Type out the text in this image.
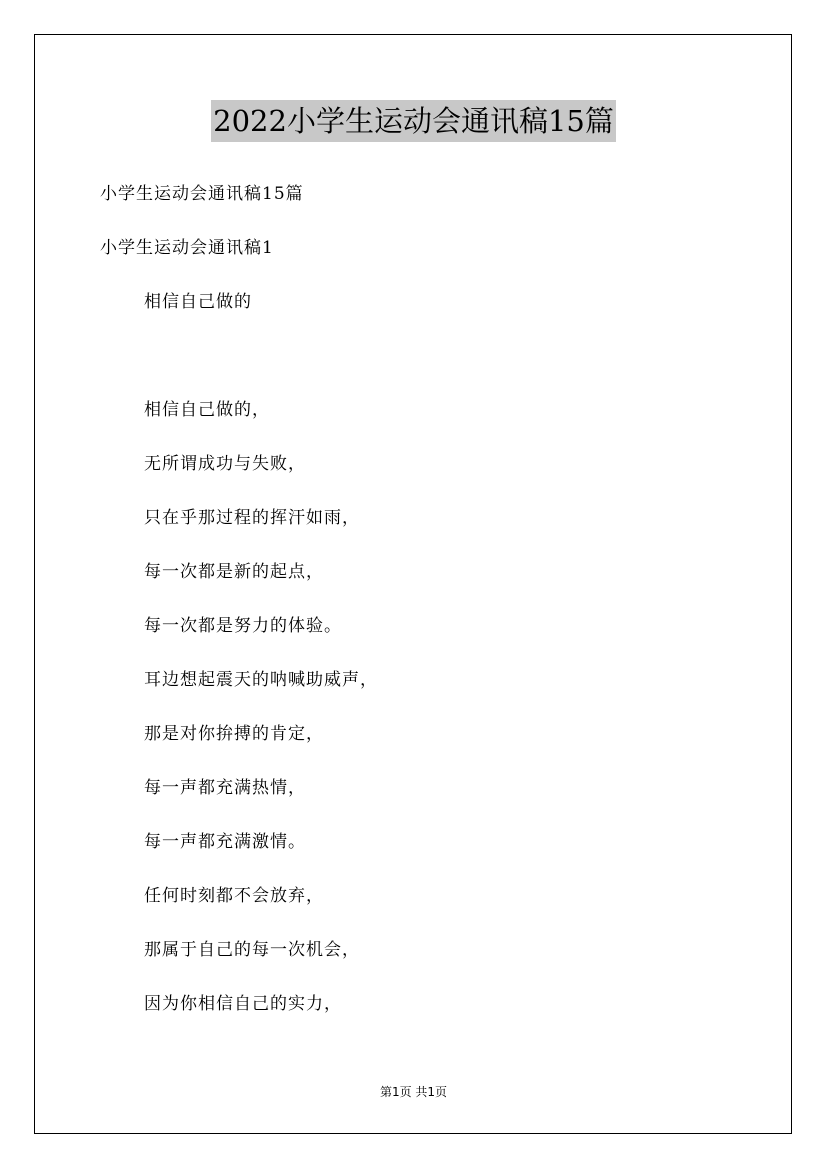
2022小学生运动会通讯稿15篇
小学生运动会通讯稿15篇
小学生运动会通讯稿1
相信自己做的
相信自己做的，
无所谓成功与失败，
只在乎那过程的挥汗如雨，
每一次都是新的起点，
每一次都是努力的体验。
耳边想起震天的呐喊助威声，
那是对你拚搏的肯定，
每一声都充满热情，
每一声都充满激情。
任何时刻都不会放弃，
那属于自己的每一次机会，
因为你相信自己的实力，
第1页 共1页
